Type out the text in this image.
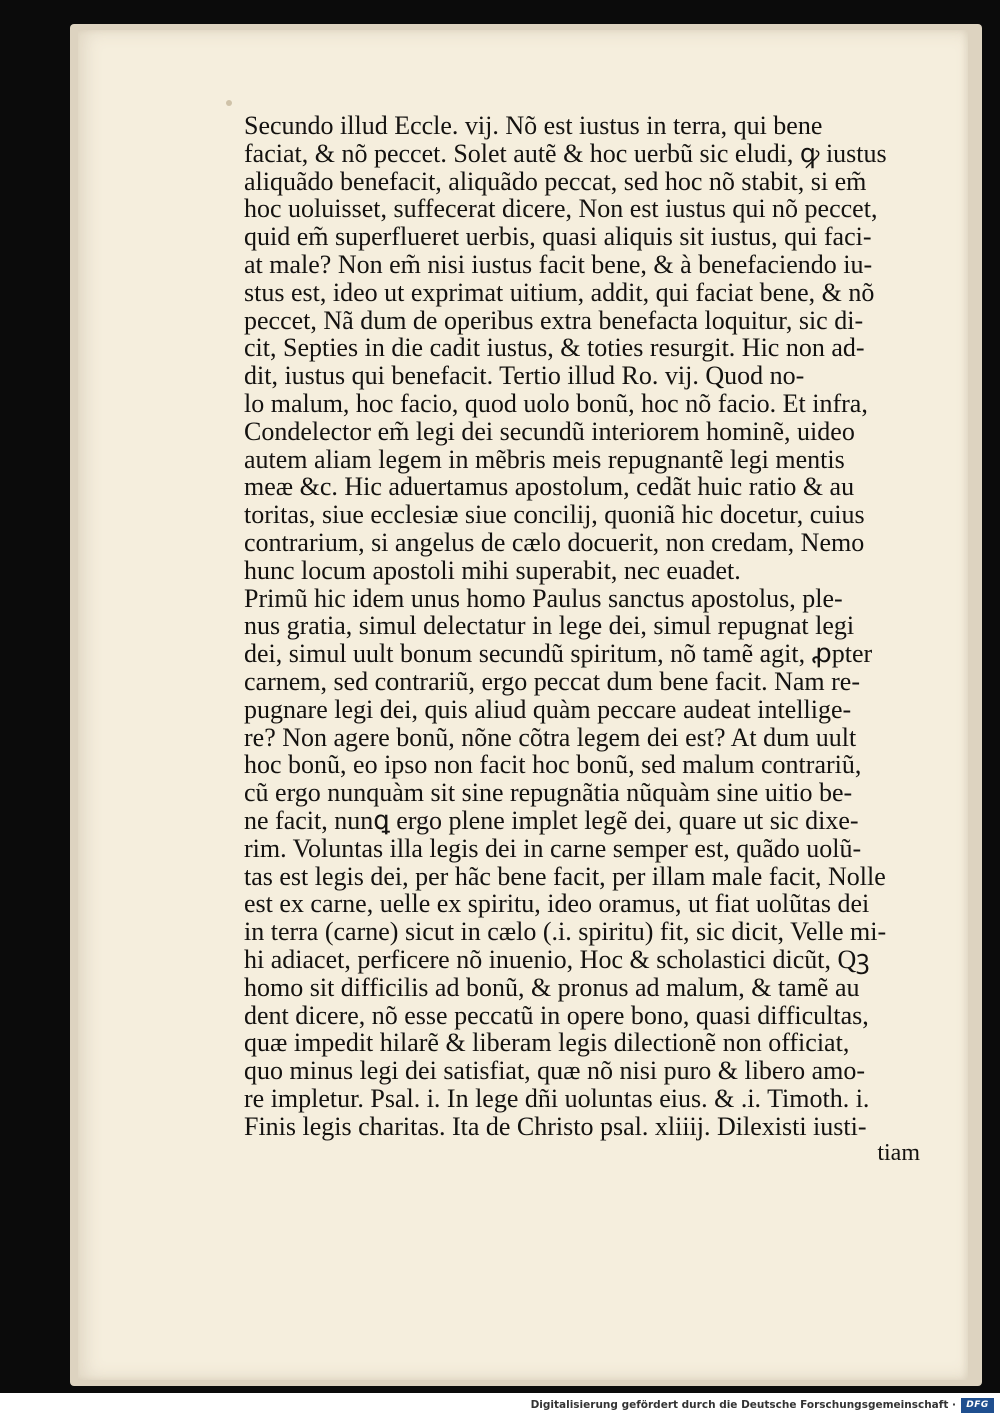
Secundo illud Eccle. vij. Nõ est iustus in terra, qui bene
faciat, & nõ peccet. Solet autẽ & hoc uerbũ sic eludi, ꝙ iustus
aliquãdo benefacit, aliquãdo peccat, sed hoc nõ stabit, si em̃
hoc uoluisset, suffecerat dicere, Non est iustus qui nõ peccet,
quid em̃ superflueret uerbis, quasi aliquis sit iustus, qui faci-
at male? Non em̃ nisi iustus facit bene, & à benefaciendo iu-
stus est, ideo ut exprimat uitium, addit, qui faciat bene, & nõ
peccet, Nã dum de operibus extra benefacta loquitur, sic di-
cit, Septies in die cadit iustus, & toties resurgit. Hic non ad-
dit, iustus qui benefacit. Tertio illud Ro. vij. Quod no-
lo malum, hoc facio, quod uolo bonũ, hoc nõ facio. Et infra,
Condelector em̃ legi dei secundũ interiorem hominẽ, uideo
autem aliam legem in mẽbris meis repugnantẽ legi mentis
meæ &c. Hic aduertamus apostolum, cedãt huic ratio & au
toritas, siue ecclesiæ siue concilij, quoniã hic docetur, cuius
contrarium, si angelus de cælo docuerit, non credam, Nemo
hunc locum apostoli mihi superabit, nec euadet.
Primũ hic idem unus homo Paulus sanctus apostolus, ple-
nus gratia, simul delectatur in lege dei, simul repugnat legi
dei, simul uult bonum secundũ spiritum, nõ tamẽ agit, ꝓpter
carnem, sed contrariũ, ergo peccat dum bene facit. Nam re-
pugnare legi dei, quis aliud quàm peccare audeat intellige-
re? Non agere bonũ, nõne cõtra legem dei est? At dum uult
hoc bonũ, eo ipso non facit hoc bonũ, sed malum contrariũ,
cũ ergo nunquàm sit sine repugnãtia nũquàm sine uitio be-
ne facit, nunꝗ ergo plene implet legẽ dei, quare ut sic dixe-
rim. Voluntas illa legis dei in carne semper est, quãdo uolũ-
tas est legis dei, per hãc bene facit, per illam male facit, Nolle
est ex carne, uelle ex spiritu, ideo oramus, ut fiat uolũtas dei
in terra (carne) sicut in cælo (.i. spiritu) fit, sic dicit, Velle mi-
hi adiacet, perficere nõ inuenio, Hoc & scholastici dicũt, Qꝫ
homo sit difficilis ad bonũ, & pronus ad malum, & tamẽ au
dent dicere, nõ esse peccatũ in opere bono, quasi difficultas,
quæ impedit hilarẽ & liberam legis dilectionẽ non officiat,
quo minus legi dei satisfiat, quæ nõ nisi puro & libero amo-
re impletur. Psal. i. In lege dñi uoluntas eius. & .i. Timoth. i.
Finis legis charitas. Ita de Christo psal. xliiij. Dilexisti iusti-
tiam
Digitalisierung gefördert durch die Deutsche Forschungsgemeinschaft ·	DFG
